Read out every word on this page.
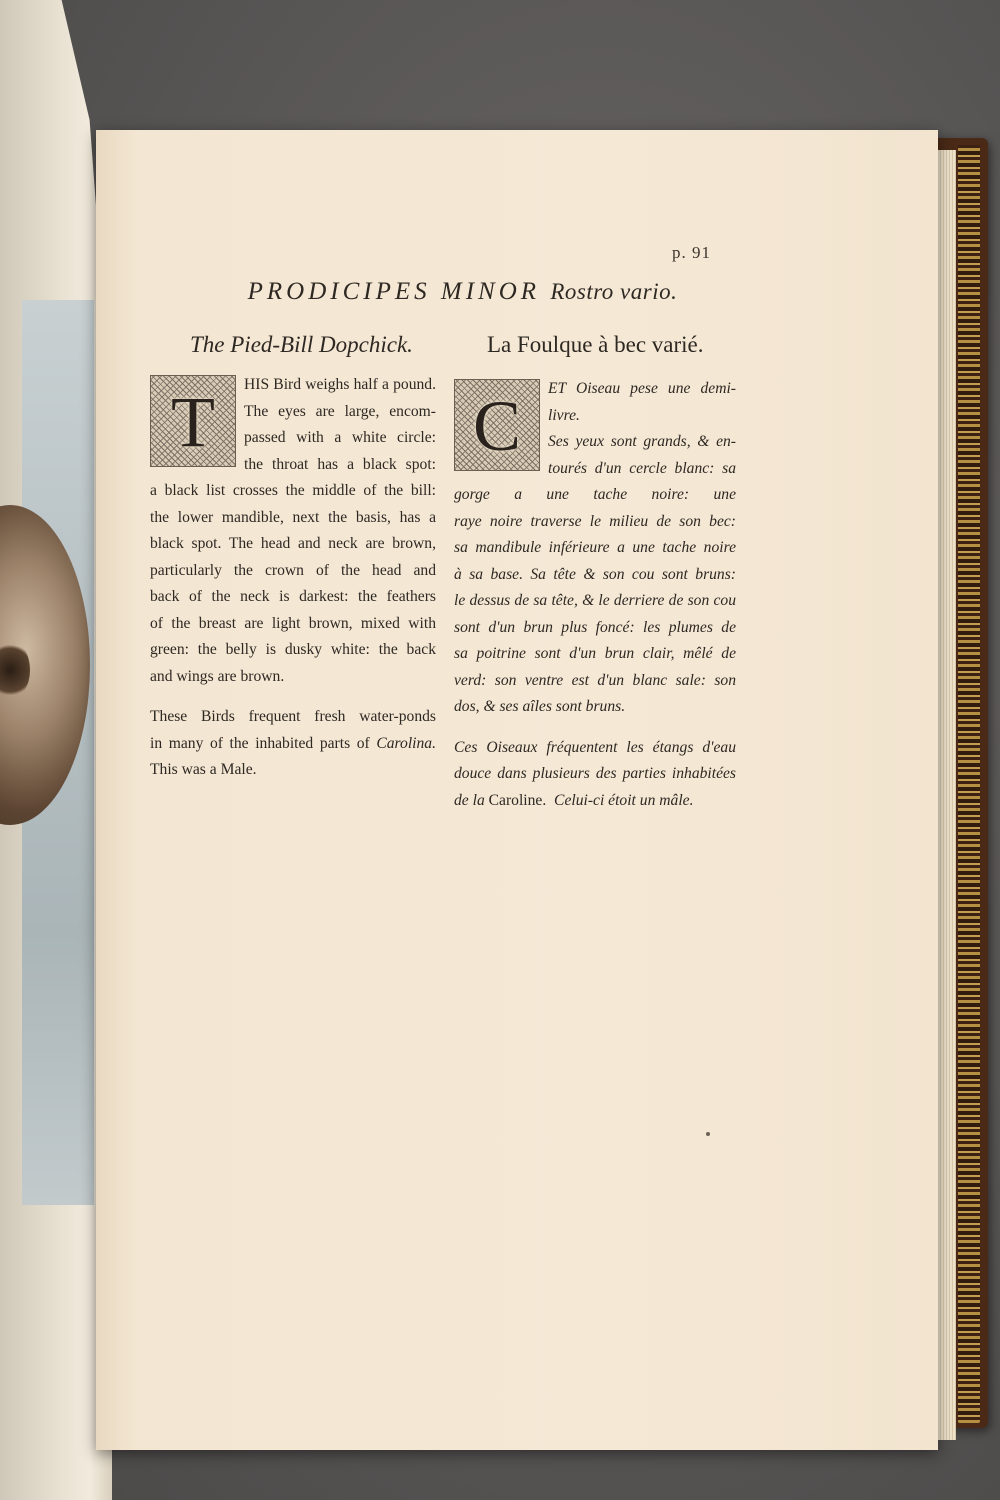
p. 91
PRODICIPES MINOR Rostro vario.
The Pied-Bill Dopchick.	La Foulque à bec varié.
T	HIS Bird weighs half a pound.
The eyes are large, encom-
passed with a white circle:
the throat has a black spot:
a black list crosses the middle of the bill:
the lower mandible, next the basis, has a
black spot. The head and neck are brown,
particularly the crown of the head and
back of the neck is darkest: the feathers
of the breast are light brown, mixed with
green: the belly is dusky white: the back
and wings are brown.
These Birds frequent fresh water-ponds
in many of the inhabited parts of Carolina.
This was a Male.
C	ET Oiseau pese une demi-livre.
Ses yeux sont grands, & en-
tourés d'un cercle blanc: sa
gorge a une tache noire: une
raye noire traverse le milieu de son bec:
sa mandibule inférieure a une tache noire
à sa base. Sa tête & son cou sont bruns:
le dessus de sa tête, & le derriere de son cou
sont d'un brun plus foncé: les plumes de
sa poitrine sont d'un brun clair, mêlé de
verd: son ventre est d'un blanc sale: son
dos, & ses aîles sont bruns.
Ces Oiseaux fréquentent les étangs d'eau
douce dans plusieurs des parties inhabitées
de la Caroline. Celui-ci étoit un mâle.
